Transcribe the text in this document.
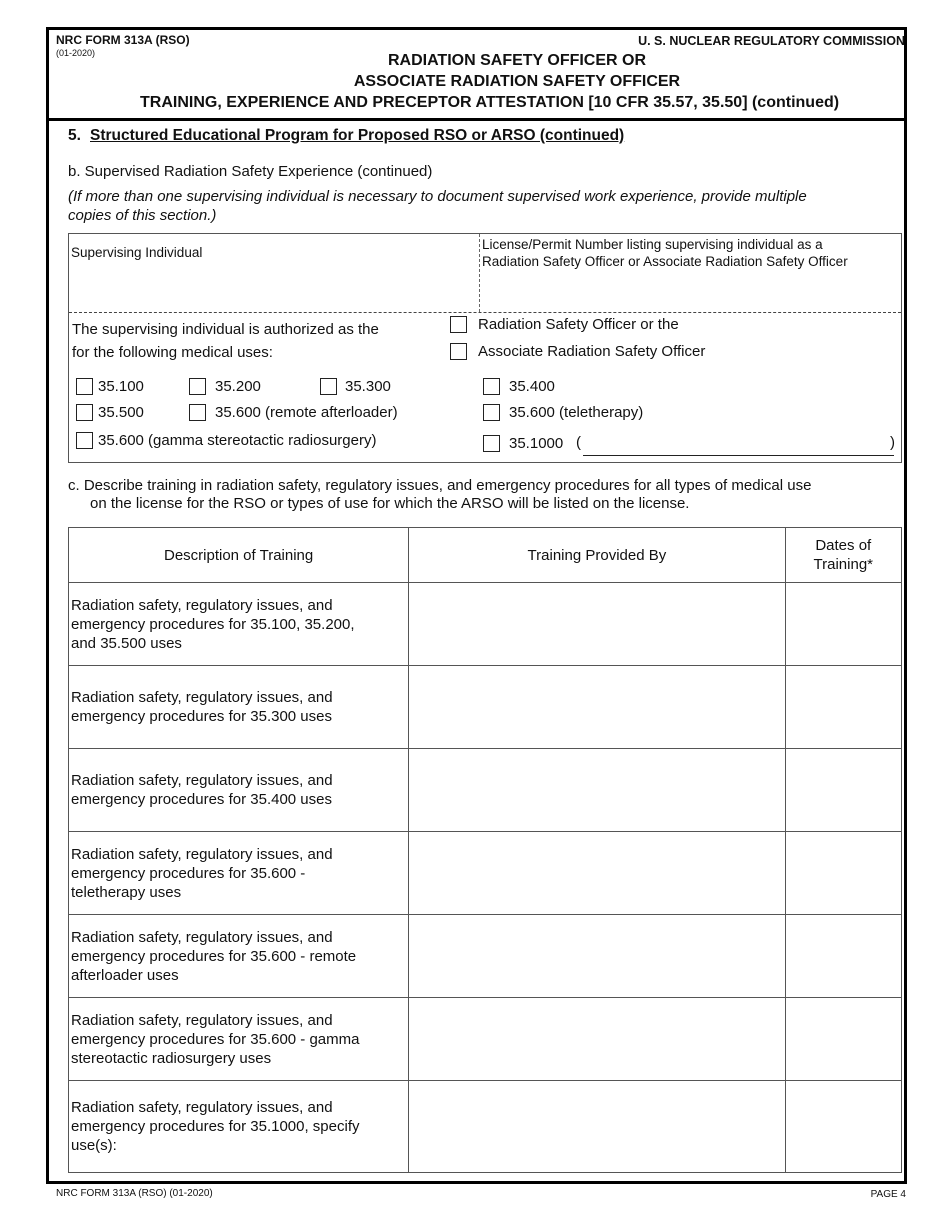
NRC FORM 313A (RSO)
(01-2020)
U. S. NUCLEAR REGULATORY COMMISSION
RADIATION SAFETY OFFICER OR
ASSOCIATE RADIATION SAFETY OFFICER
TRAINING, EXPERIENCE AND PRECEPTOR ATTESTATION [10 CFR 35.57, 35.50] (continued)
5. Structured Educational Program for Proposed RSO or ARSO (continued)
b. Supervised Radiation Safety Experience (continued)
(If more than one supervising individual is necessary to document supervised work experience, provide multiple
copies of this section.)
Supervising Individual
License/Permit Number listing supervising individual as a
Radiation Safety Officer or Associate Radiation Safety Officer
The supervising individual is authorized as the
for the following medical uses:
Radiation Safety Officer or the
Associate Radiation Safety Officer
35.100	35.200	35.300	35.400
35.500	35.600 (remote afterloader)	35.600 (teletherapy)
35.600 (gamma stereotactic radiosurgery)	35.1000 (	)
c. Describe training in radiation safety, regulatory issues, and emergency procedures for all types of medical use
on the license for the RSO or types of use for which the ARSO will be listed on the license.
Description of Training	Training Provided By	Dates of
Training*

Radiation safety, regulatory issues, and
emergency procedures for 35.100, 35.200,
and 35.500 uses		

Radiation safety, regulatory issues, and
emergency procedures for 35.300 uses		

Radiation safety, regulatory issues, and
emergency procedures for 35.400 uses		

Radiation safety, regulatory issues, and
emergency procedures for 35.600 -
teletherapy uses		

Radiation safety, regulatory issues, and
emergency procedures for 35.600 - remote
afterloader uses		

Radiation safety, regulatory issues, and
emergency procedures for 35.600 - gamma
stereotactic radiosurgery uses		

Radiation safety, regulatory issues, and
emergency procedures for 35.1000, specify
use(s):		

NRC FORM 313A (RSO) (01-2020)	PAGE 4
